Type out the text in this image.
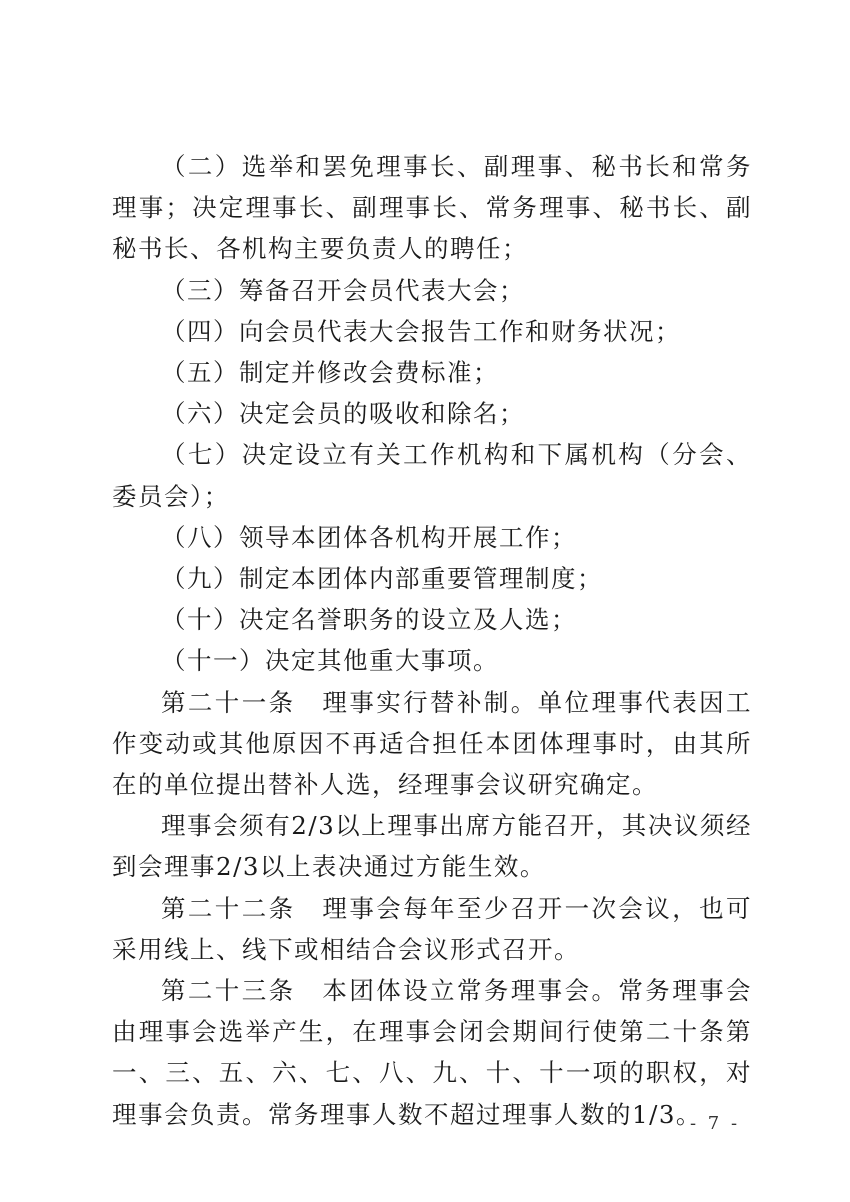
（二）选举和罢免理事长、副理事、秘书长和常务理事；决定理事长、副理事长、常务理事、秘书长、副秘书长、各机构主要负责人的聘任；

（三）筹备召开会员代表大会；

（四）向会员代表大会报告工作和财务状况；

（五）制定并修改会费标准；

（六）决定会员的吸收和除名；

（七）决定设立有关工作机构和下属机构（分会、委员会）；

（八）领导本团体各机构开展工作；

（九）制定本团体内部重要管理制度；

（十）决定名誉职务的设立及人选；

（十一）决定其他重大事项。

第二十一条　理事实行替补制。单位理事代表因工作变动或其他原因不再适合担任本团体理事时，由其所在的单位提出替补人选，经理事会议研究确定。

理事会须有2/3以上理事出席方能召开，其决议须经到会理事2/3以上表决通过方能生效。

第二十二条　理事会每年至少召开一次会议，也可采用线上、线下或相结合会议形式召开。

第二十三条　本团体设立常务理事会。常务理事会由理事会选举产生，在理事会闭会期间行使第二十条第一、三、五、六、七、八、九、十、十一项的职权，对理事会负责。常务理事人数不超过理事人数的1/3。

- 7 -
